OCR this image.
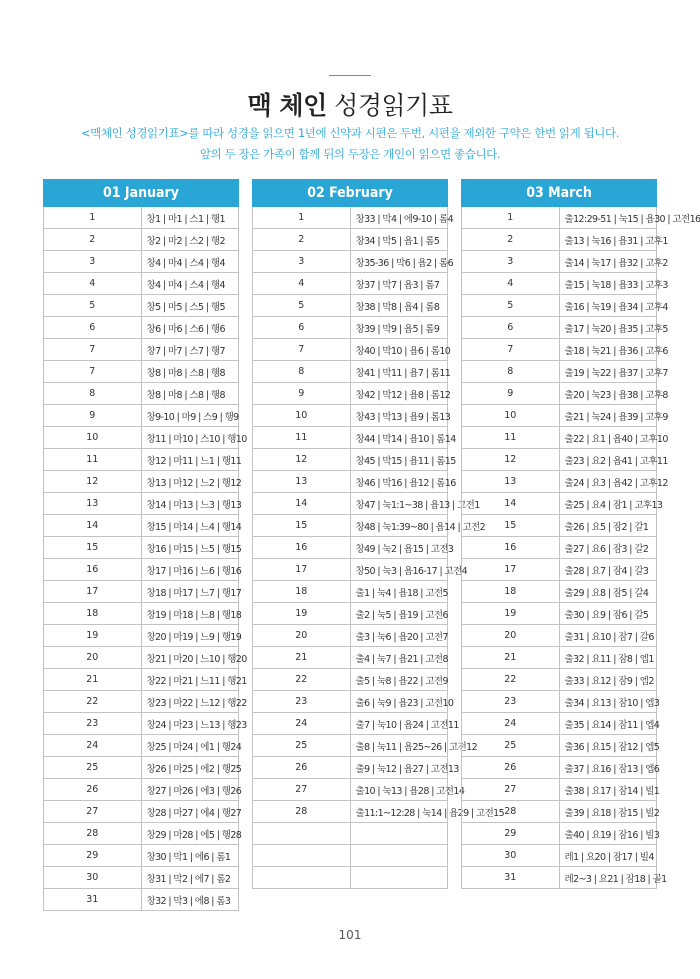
맥 체인 성경읽기표
<맥체인 성경읽기표>를 따라 성경을 읽으면 1년에 신약과 시편은 두번, 시편을 제외한 구약은 한번 읽게 됩니다.
앞의 두 장은 가족이 함께 뒤의 두장은 개인이 읽으면 좋습니다.
01 January	
1	창1 | 마1 | 스1 | 행1
2	창2 | 마2 | 스2 | 행2
3	창4 | 마4 | 스4 | 행4
4	창4 | 마4 | 스4 | 행4
5	창5 | 마5 | 스5 | 행5
6	창6 | 마6 | 스6 | 행6
7	창7 | 마7 | 스7 | 행7
7	창8 | 마8 | 스8 | 행8
8	창8 | 마8 | 스8 | 행8
9	창9-10 | 마9 | 스9 | 행9
10	창11 | 마10 | 스10 | 행10
11	창12 | 마11 | 느1 | 행11
12	창13 | 마12 | 느2 | 행12
13	창14 | 마13 | 느3 | 행13
14	창15 | 마14 | 느4 | 행14
15	창16 | 마15 | 느5 | 행15
16	창17 | 마16 | 느6 | 행16
17	창18 | 마17 | 느7 | 행17
18	창19 | 마18 | 느8 | 행18
19	창20 | 마19 | 느9 | 행19
20	창21 | 마20 | 느10 | 행20
21	창22 | 마21 | 느11 | 행21
22	창23 | 마22 | 느12 | 행22
23	창24 | 마23 | 느13 | 행23
24	창25 | 마24 | 에1 | 행24
25	창26 | 마25 | 에2 | 행25
26	창27 | 마26 | 에3 | 행26
27	창28 | 마27 | 에4 | 행27
28	창29 | 마28 | 에5 | 행28
29	창30 | 막1 | 에6 | 롬1
30	창31 | 막2 | 에7 | 롬2
31	창32 | 막3 | 에8 | 롬3
02 February	
1	창33 | 막4 | 에9-10 | 롬4
2	창34 | 막5 | 욥1 | 롬5
3	창35-36 | 막6 | 욥2 | 롬6
4	창37 | 막7 | 욥3 | 롬7
5	창38 | 막8 | 욥4 | 롬8
6	창39 | 막9 | 욥5 | 롬9
7	창40 | 막10 | 욥6 | 롬10
8	창41 | 막11 | 욥7 | 롬11
9	창42 | 막12 | 욥8 | 롬12
10	창43 | 막13 | 욥9 | 롬13
11	창44 | 막14 | 욥10 | 롬14
12	창45 | 막15 | 욥11 | 롬15
13	창46 | 막16 | 욥12 | 롬16
14	창47 | 눅1:1~38 | 욥13 | 고전1
15	창48 | 눅1:39~80 | 욥14 | 고전2
16	창49 | 눅2 | 욥15 | 고전3
17	창50 | 눅3 | 욥16-17 | 고전4
18	출1 | 눅4 | 욥18 | 고전5
19	출2 | 눅5 | 욥19 | 고전6
20	출3 | 눅6 | 욥20 | 고전7
21	출4 | 눅7 | 욥21 | 고전8
22	출5 | 눅8 | 욥22 | 고전9
23	출6 | 눅9 | 욥23 | 고전10
24	출7 | 눅10 | 욥24 | 고전11
25	출8 | 눅11 | 욥25~26 | 고전12
26	출9 | 눅12 | 욥27 | 고전13
27	출10 | 눅13 | 욥28 | 고전14
28	출11:1~12:28 | 눅14 | 욥29 | 고전15

03 March	
1	출12:29-51 | 눅15 | 욥30 | 고전16
2	출13 | 눅16 | 욥31 | 고후1
3	출14 | 눅17 | 욥32 | 고후2
4	출15 | 눅18 | 욥33 | 고후3
5	출16 | 눅19 | 욥34 | 고후4
6	출17 | 눅20 | 욥35 | 고후5
7	출18 | 눅21 | 욥36 | 고후6
8	출19 | 눅22 | 욥37 | 고후7
9	출20 | 눅23 | 욥38 | 고후8
10	출21 | 눅24 | 욥39 | 고후9
11	출22 | 요1 | 욥40 | 고후10
12	출23 | 요2 | 욥41 | 고후11
13	출24 | 요3 | 욥42 | 고후12
14	출25 | 요4 | 잠1 | 고후13
15	출26 | 요5 | 잠2 | 갈1
16	출27 | 요6 | 잠3 | 갈2
17	출28 | 요7 | 잠4 | 갈3
18	출29 | 요8 | 잠5 | 갈4
19	출30 | 요9 | 잠6 | 갈5
20	출31 | 요10 | 잠7 | 갈6
21	출32 | 요11 | 잠8 | 엡1
22	출33 | 요12 | 잠9 | 엡2
23	출34 | 요13 | 잠10 | 엡3
24	출35 | 요14 | 잠11 | 엡4
25	출36 | 요15 | 잠12 | 엡5
26	출37 | 요16 | 잠13 | 엡6
27	출38 | 요17 | 잠14 | 빌1
28	출39 | 요18 | 잠15 | 빌2
29	출40 | 요19 | 잠16 | 빌3
30	레1 | 요20 | 잠17 | 빌4
31	레2~3 | 요21 | 잠18 | 골1
101
